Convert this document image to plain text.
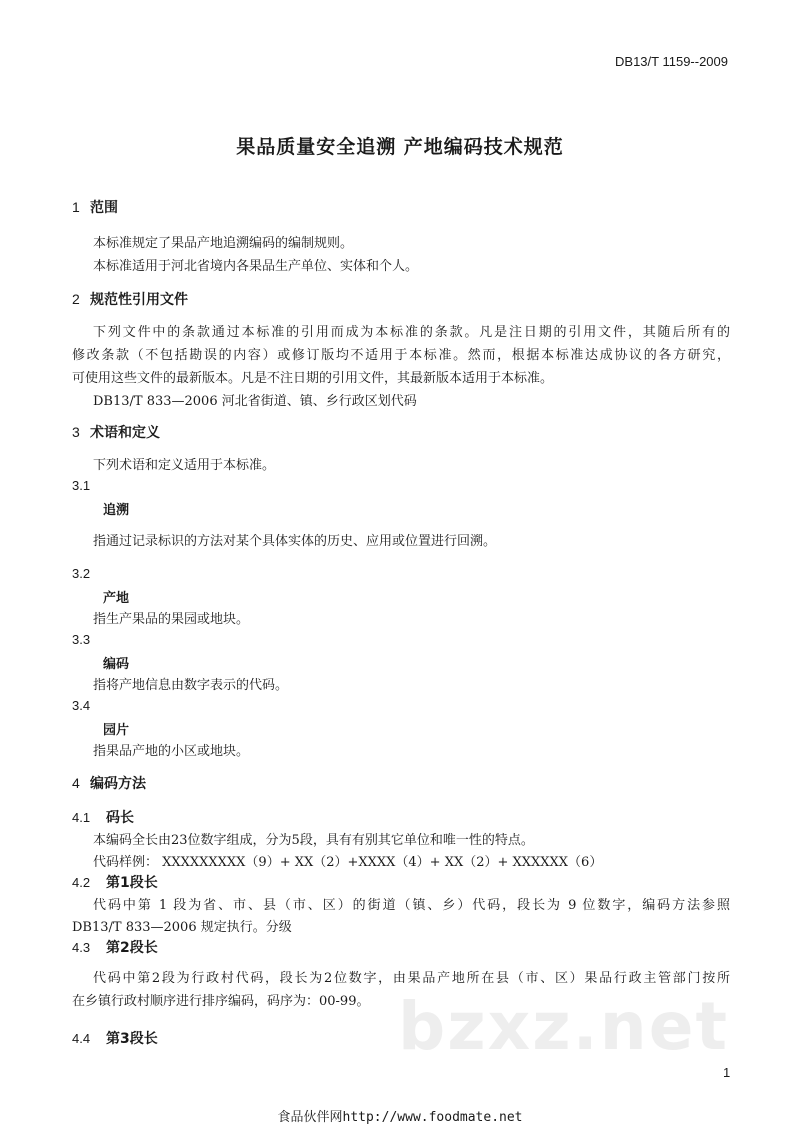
DB13/T 1159--2009
果品质量安全追溯 产地编码技术规范
1 范围
本标准规定了果品产地追溯编码的编制规则。
本标准适用于河北省境内各果品生产单位、实体和个人。
2 规范性引用文件
下列文件中的条款通过本标准的引用而成为本标准的条款。凡是注日期的引用文件，其随后所有的
修改条款（不包括勘误的内容）或修订版均不适用于本标准。然而，根据本标准达成协议的各方研究，
可使用这些文件的最新版本。凡是不注日期的引用文件，其最新版本适用于本标准。
DB13/T 833—2006 河北省街道、镇、乡行政区划代码
3 术语和定义
下列术语和定义适用于本标准。
3.1
追溯
指通过记录标识的方法对某个具体实体的历史、应用或位置进行回溯。
3.2
产地
指生产果品的果园或地块。
3.3
编码
指将产地信息由数字表示的代码。
3.4
园片
指果品产地的小区或地块。
4 编码方法
4.1 码长
本编码全长由23位数字组成，分为5段，具有有别其它单位和唯一性的特点。
代码样例： XXXXXXXXX（9）+ XX（2）+XXXX（4）+ XX（2）+ XXXXXX（6）
4.2 第1段长
代码中第 1 段为省、市、县（市、区）的街道（镇、乡）代码，段长为 9 位数字，编码方法参照
DB13/T 833—2006 规定执行。分级
4.3 第2段长
代码中第2段为行政村代码，段长为2位数字，由果品产地所在县（市、区）果品行政主管部门按所
在乡镇行政村顺序进行排序编码，码序为：00-99。
4.4 第3段长	bzxz.net
1
食品伙伴网http://www.foodmate.net
